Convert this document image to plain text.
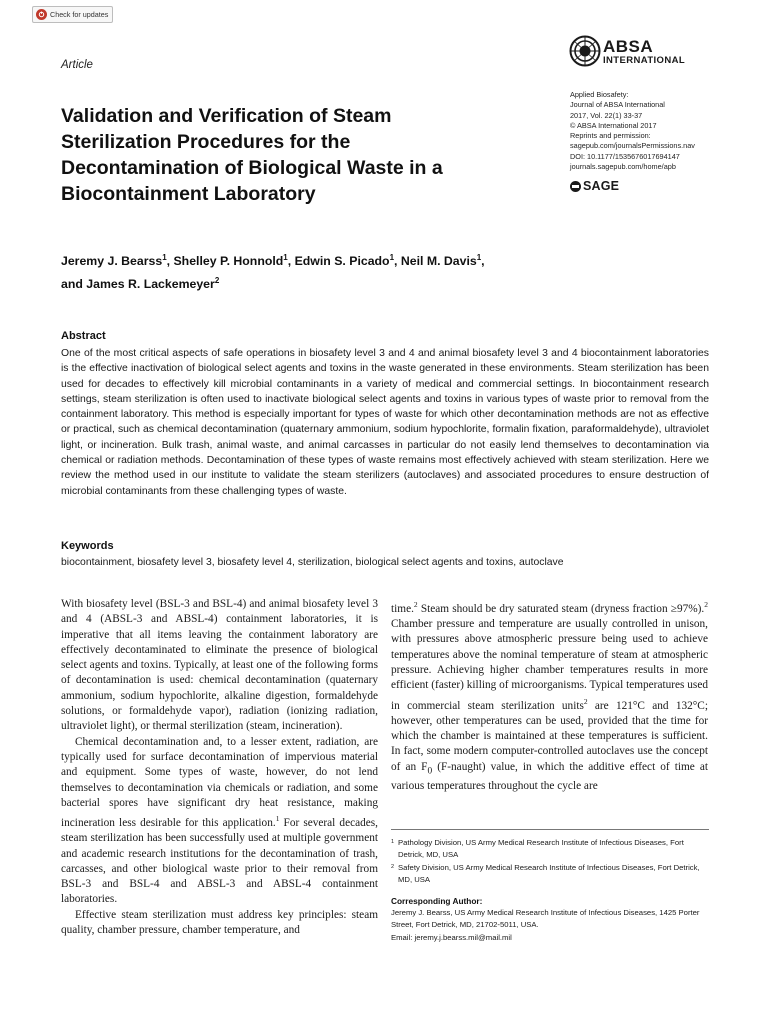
Check for updates
Article
ABSA
INTERNATIONAL
Validation and Verification of Steam Sterilization Procedures for the Decontamination of Biological Waste in a Biocontainment Laboratory
Applied Biosafety:
Journal of ABSA International
2017, Vol. 22(1) 33-37
© ABSA International 2017
Reprints and permission:
sagepub.com/journalsPermissions.nav
DOI: 10.1177/1535676017694147
journals.sagepub.com/home/apb
SAGE
Jeremy J. Bearss$^1$, Shelley P. Honnold$^1$, Edwin S. Picado$^1$, Neil M. Davis$^1$,
and James R. Lackemeyer$^2$
Abstract

One of the most critical aspects of safe operations in biosafety level 3 and 4 and animal biosafety level 3 and 4 biocontainment laboratories is the effective inactivation of biological select agents and toxins in the waste generated in these environments. Steam sterilization has been used for decades to effectively kill microbial contaminants in a variety of medical and commercial settings. In biocontainment research settings, steam sterilization is often used to inactivate biological select agents and toxins in various types of waste prior to removal from the containment laboratory. This method is especially important for types of waste for which other decontamination methods are not as effective or practical, such as chemical decontamination (quaternary ammonium, sodium hypochlorite, formalin fixation, paraformaldehyde), ultraviolet light, or incineration. Bulk trash, animal waste, and animal carcasses in particular do not easily lend themselves to decontamination via chemical or radiation methods. Decontamination of these types of waste remains most effectively achieved with steam sterilization. Here we review the method used in our institute to validate the steam sterilizers (autoclaves) and associated procedures to ensure destruction of microbial contaminants from these challenging types of waste.

Keywords

biocontainment, biosafety level 3, biosafety level 4, sterilization, biological select agents and toxins, autoclave

With biosafety level (BSL-3 and BSL-4) and animal biosafety level 3 and 4 (ABSL-3 and ABSL-4) containment laboratories, it is imperative that all items leaving the containment laboratory are effectively decontaminated to eliminate the presence of biological select agents and toxins. Typically, at least one of the following forms of decontamination is used: chemical decontamination (quaternary ammonium, sodium hypochlorite, alkaline digestion, formaldehyde solutions, or formaldehyde vapor), radiation (ionizing radiation, ultraviolet light), or thermal sterilization (steam, incineration).

Chemical decontamination and, to a lesser extent, radiation, are typically used for surface decontamination of impervious material and equipment. Some types of waste, however, do not lend themselves to decontamination via chemicals or radiation, and some bacterial spores have significant dry heat resistance, making incineration less desirable for this application.$^1$ For several decades, steam sterilization has been successfully used at multiple government and academic research institutions for the decontamination of trash, carcasses, and other biological waste prior to their removal from BSL-3 and BSL-4 and ABSL-3 and ABSL-4 containment laboratories.

Effective steam sterilization must address key principles: steam quality, chamber pressure, chamber temperature, and

time.$^2$ Steam should be dry saturated steam (dryness fraction ≥97%).$^2$ Chamber pressure and temperature are usually controlled in unison, with pressures above atmospheric pressure being used to achieve temperatures above the nominal temperature of steam at atmospheric pressure. Achieving higher chamber temperatures results in more efficient (faster) killing of microorganisms. Typical temperatures used in commercial steam sterilization units$^2$ are 121°C and 132°C; however, other temperatures can be used, provided that the time for which the chamber is maintained at these temperatures is sufficient. In fact, some modern computer-controlled autoclaves use the concept of an $F_0$ (F-naught) value, in which the additive effect of time at various temperatures throughout the cycle are

1 Pathology Division, US Army Medical Research Institute of Infectious Diseases, Fort Detrick, MD, USA
2 Safety Division, US Army Medical Research Institute of Infectious Diseases, Fort Detrick, MD, USA
Corresponding Author:
Jeremy J. Bearss, US Army Medical Research Institute of Infectious Diseases, 1425 Porter Street, Fort Detrick, MD, 21702-5011, USA.
Email: jeremy.j.bearss.mil@mail.mil
